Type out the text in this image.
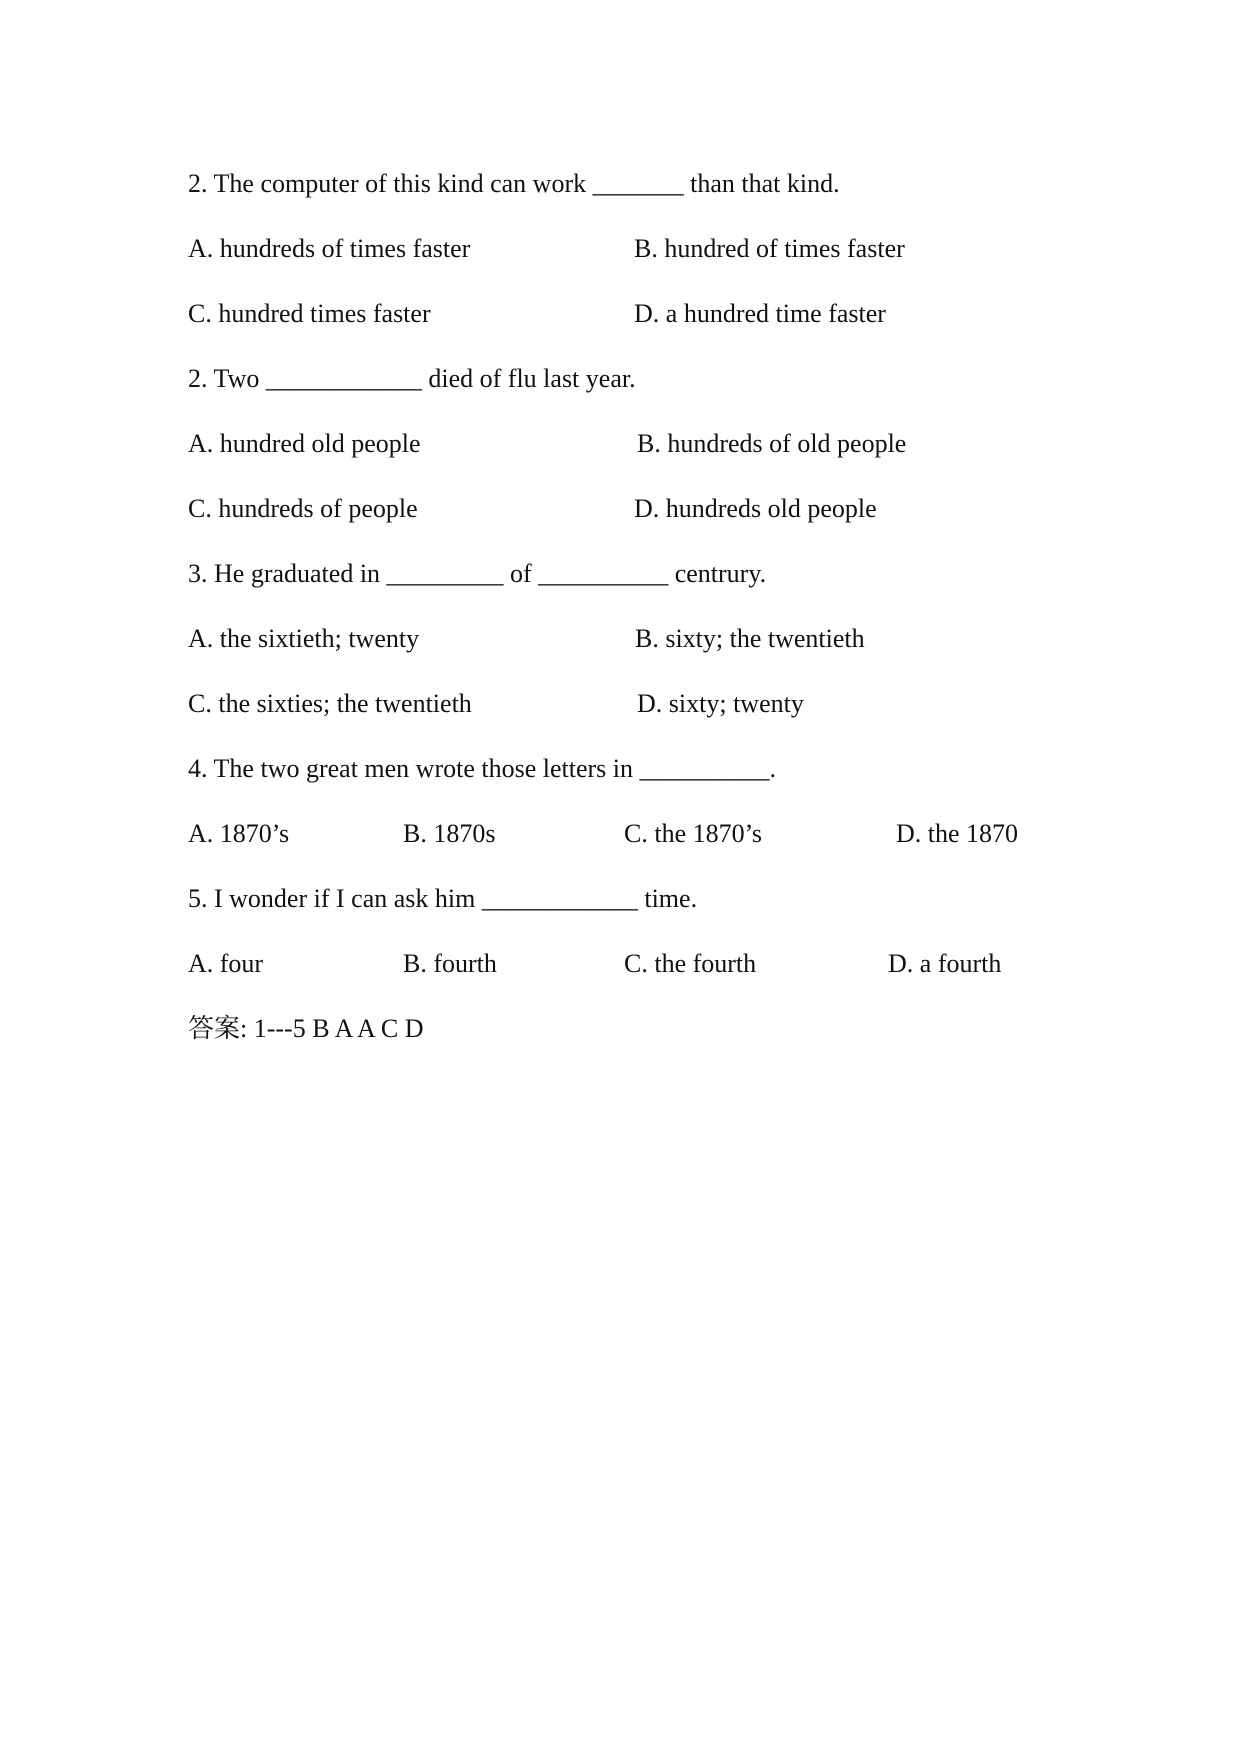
2. The computer of this kind can work _______ than that kind.
A. hundreds of times faster	B. hundred of times faster
C. hundred times faster	D. a hundred time faster
2. Two ____________ died of flu last year.
A. hundred old people	B. hundreds of old people
C. hundreds of people	D. hundreds old people
3. He graduated in _________ of __________ centrury.
A. the sixtieth; twenty	B. sixty; the twentieth
C. the sixties; the twentieth	D. sixty; twenty
4. The two great men wrote those letters in __________.
A. 1870’s	B. 1870s	C. the 1870’s	D. the 1870
5. I wonder if I can ask him ____________ time.
A. four	B. fourth	C. the fourth	D. a fourth
答案: 1---5 B A A C D
